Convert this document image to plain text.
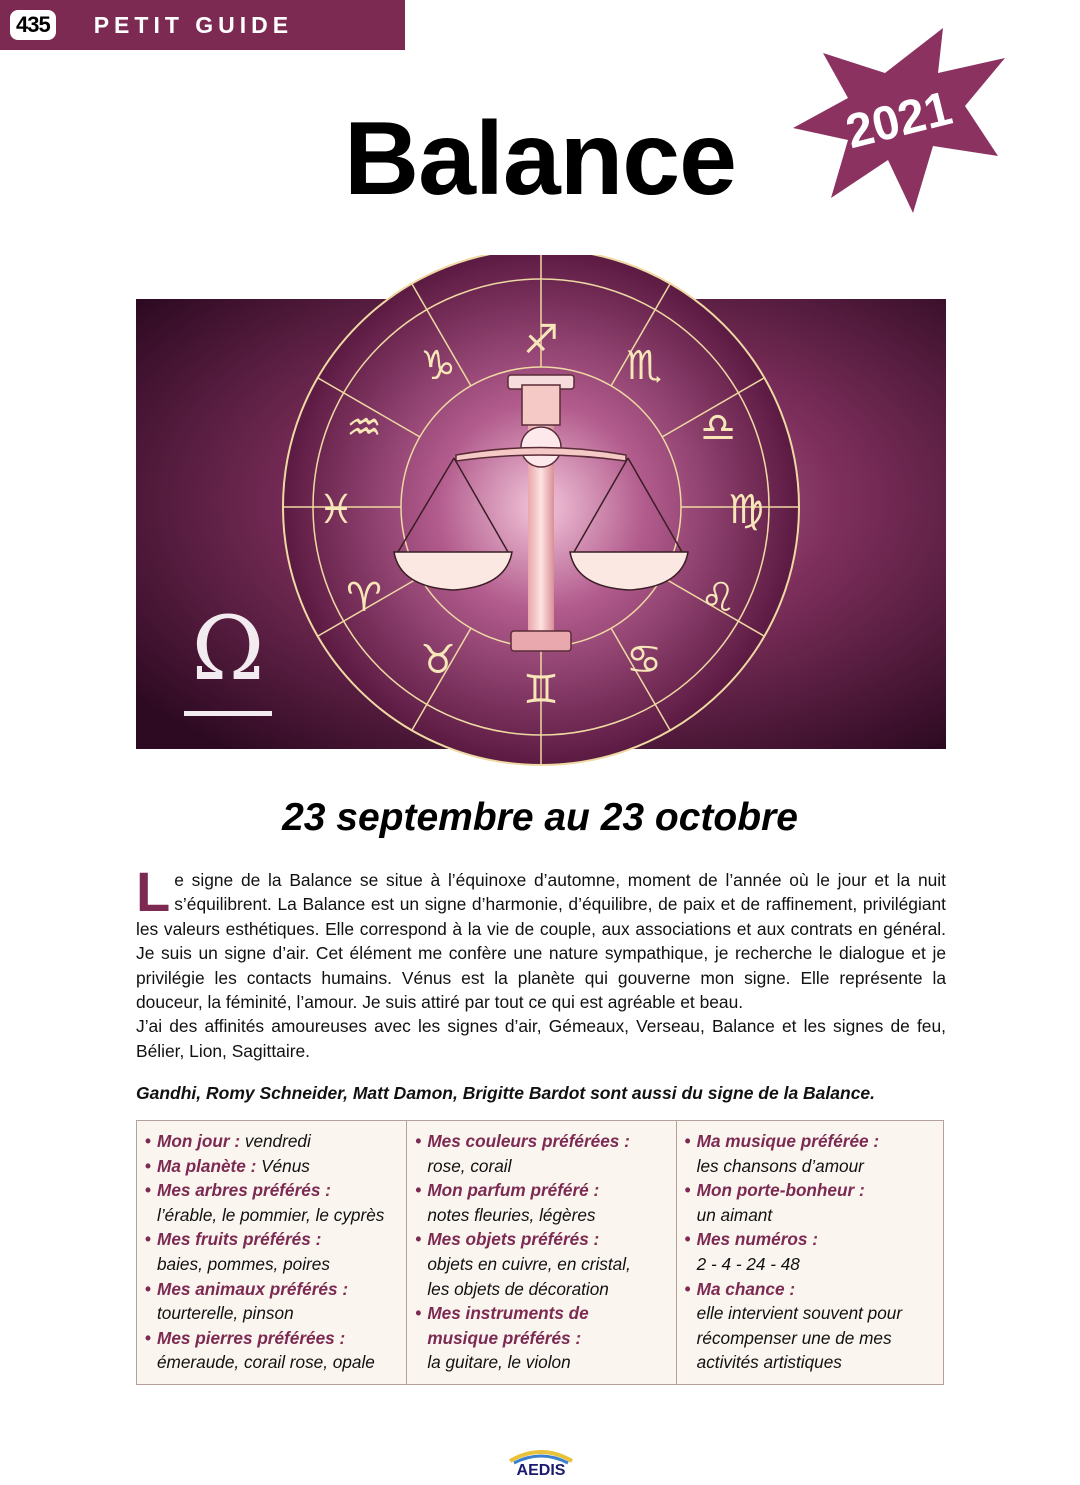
435 PETIT GUIDE
2021
Balance
♐
♏
♎
♍
♌
♋
♊
♉
♈
♓
♒
♑
Ω
23 septembre au 23 octobre

Le signe de la Balance se situe à l’équinoxe d’automne, moment de l’année où le jour et la nuit s’équilibrent. La Balance est un signe d’harmonie, d’équilibre, de paix et de raffinement, privilégiant les valeurs esthétiques. Elle correspond à la vie de couple, aux associations et aux contrats en général. Je suis un signe d’air. Cet élément me confère une nature sympathique, je recherche le dialogue et je privilégie les contacts humains. Vénus est la planète qui gouverne mon signe. Elle représente la douceur, la féminité, l’amour. Je suis attiré par tout ce qui est agréable et beau.

J’ai des affinités amoureuses avec les signes d’air, Gémeaux, Verseau, Balance et les signes de feu, Bélier, Lion, Sagittaire.

Gandhi, Romy Schneider, Matt Damon, Brigitte Bardot sont aussi du signe de la Balance.
• Mon jour : vendredi
• Ma planète : Vénus
• Mes arbres préférés :
l’érable, le pommier, le cyprès
• Mes fruits préférés :
baies, pommes, poires
• Mes animaux préférés :
tourterelle, pinson
• Mes pierres préférées :
émeraude, corail rose, opale
• Mes couleurs préférées :
rose, corail
• Mon parfum préféré :
notes fleuries, légères
• Mes objets préférés :
objets en cuivre, en cristal,
les objets de décoration
• Mes instruments de
musique préférés :
la guitare, le violon
• Ma musique préférée :
les chansons d’amour
• Mon porte-bonheur :
un aimant
• Mes numéros :
2 - 4 - 24 - 48
• Ma chance :
elle intervient souvent pour
récompenser une de mes
activités artistiques
AEDIS
